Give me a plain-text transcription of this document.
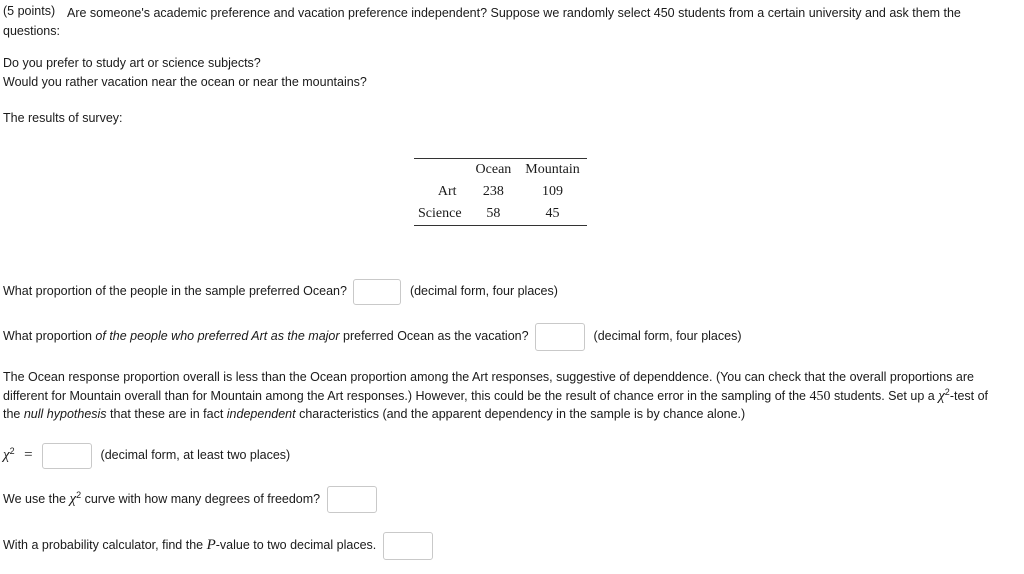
(5 points) Are someone's academic preference and vacation preference independent? Suppose we randomly select 450 students from a certain university and ask them the questions:
Do you prefer to study art or science subjects?
Would you rather vacation near the ocean or near the mountains?
The results of survey:
	Ocean	Mountain
Art	238	109
Science	58	45
What proportion of the people in the sample preferred Ocean?	(decimal form, four places)
What proportion of the people who preferred Art as the major preferred Ocean as the vacation?	(decimal form, four places)
The Ocean response proportion overall is less than the Ocean proportion among the Art responses, suggestive of dependdence. (You can check that the overall proportions are
different for Mountain overall than for Mountain among the Art responses.) However, this could be the result of chance error in the sampling of the 450 students. Set up a $\chi^2$-test of
the null hypothesis that these are in fact independent characteristics (and the apparent dependency in the sample is by chance alone.)
$\chi^2$ =	(decimal form, at least two places)
We use the $\chi^2$ curve with how many degrees of freedom?
With a probability calculator, find the P-value to two decimal places.
